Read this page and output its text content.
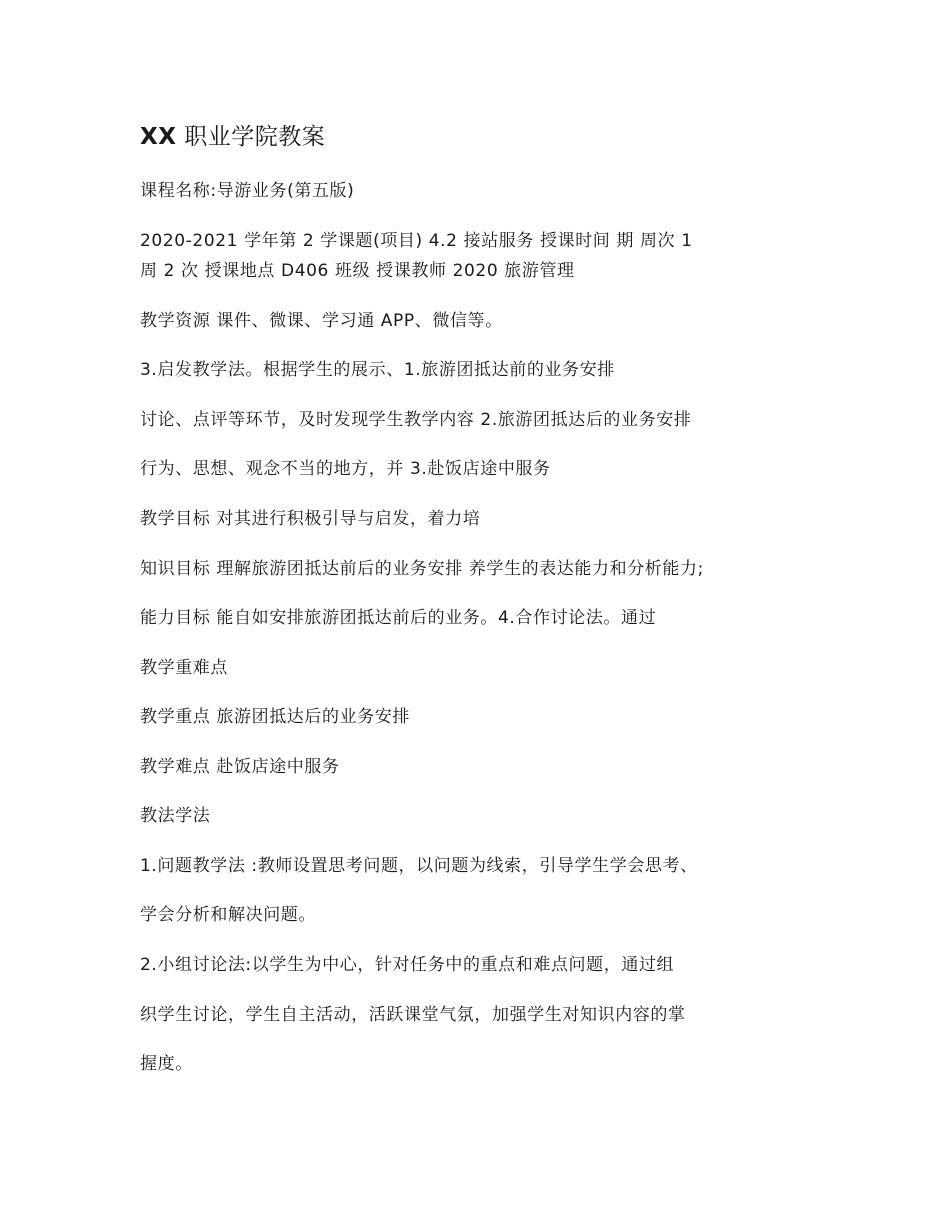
XX 职业学院教案
课程名称:导游业务(第五版)
2020-2021 学年第 2 学课题(项目) 4.2 接站服务 授课时间 期 周次 1
周 2 次 授课地点 D406 班级 授课教师 2020 旅游管理
教学资源 课件、微课、学习通 APP、微信等。
3.启发教学法。根据学生的展示、1.旅游团抵达前的业务安排
讨论、点评等环节，及时发现学生教学内容 2.旅游团抵达后的业务安排
行为、思想、观念不当的地方，并 3.赴饭店途中服务
教学目标 对其进行积极引导与启发，着力培
知识目标 理解旅游团抵达前后的业务安排 养学生的表达能力和分析能力;
能力目标 能自如安排旅游团抵达前后的业务。4.合作讨论法。通过
教学重难点
教学重点 旅游团抵达后的业务安排
教学难点 赴饭店途中服务
教法学法
1.问题教学法 :教师设置思考问题，以问题为线索，引导学生学会思考、
学会分析和解决问题。
2.小组讨论法:以学生为中心，针对任务中的重点和难点问题，通过组
织学生讨论，学生自主活动，活跃课堂气氛，加强学生对知识内容的掌
握度。
